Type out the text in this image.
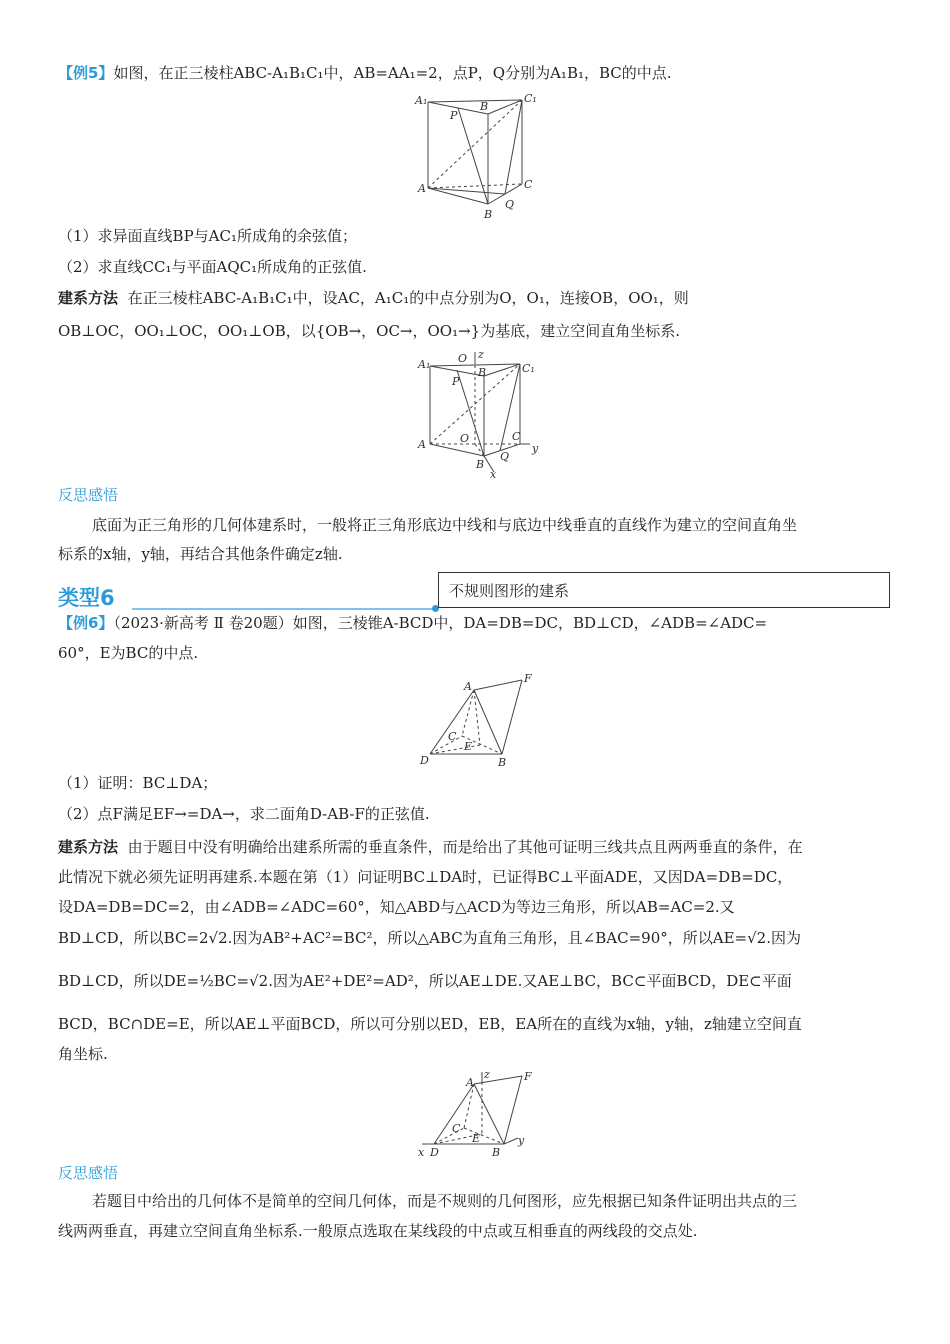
【例5】如图，在正三棱柱ABC-A₁B₁C₁中，AB=AA₁=2，点P，Q分别为A₁B₁，BC的中点.
A₁	B
C₁
P
A	C
B
Q
（1）求异面直线BP与AC₁所成角的余弦值；
（2）求直线CC₁与平面AQC₁所成角的正弦值.
建系方法 在正三棱柱ABC-A₁B₁C₁中，设AC，A₁C₁的中点分别为O，O₁，连接OB，OO₁，则
OB⊥OC，OO₁⊥OC，OO₁⊥OB，以{OB→，OC→，OO₁→}为基底，建立空间直角坐标系.
A₁	O z
B	C₁
P
A	O	C
y
B
Q
x
反思感悟
底面为正三角形的几何体建系时，一般将正三角形底边中线和与底边中线垂直的直线作为建立的空间直角坐
标系的x轴，y轴，再结合其他条件确定z轴.
类型6	不规则图形的建系
【例6】（2023·新高考 Ⅱ 卷20题）如图，三棱锥A-BCD中，DA=DB=DC，BD⊥CD，∠ADB=∠ADC=
60°，E为BC的中点.
A
F
C
E
D	B
（1）证明：BC⊥DA；
（2）点F满足EF→=DA→，求二面角D-AB-F的正弦值.
建系方法 由于题目中没有明确给出建系所需的垂直条件，而是给出了其他可证明三线共点且两两垂直的条件，在
此情况下就必须先证明再建系.本题在第（1）问证明BC⊥DA时，已证得BC⊥平面ADE，又因DA=DB=DC，
设DA=DB=DC=2，由∠ADB=∠ADC=60°，知△ABD与△ACD为等边三角形，所以AB=AC=2.又
BD⊥CD，所以BC=2√2.因为AB²+AC²=BC²，所以△ABC为直角三角形，且∠BAC=90°，所以AE=√2.因为
BD⊥CD，所以DE=½BC=√2.因为AE²+DE²=AD²，所以AE⊥DE.又AE⊥BC，BC⊂平面BCD，DE⊂平面
BCD，BC∩DE=E，所以AE⊥平面BCD，所以可分别以ED，EB，EA所在的直线为x轴，y轴，z轴建立空间直
角坐标.
A
z	F
C
E
x D	B
y
反思感悟
若题目中给出的几何体不是简单的空间几何体，而是不规则的几何图形，应先根据已知条件证明出共点的三
线两两垂直，再建立空间直角坐标系.一般原点选取在某线段的中点或互相垂直的两线段的交点处.
